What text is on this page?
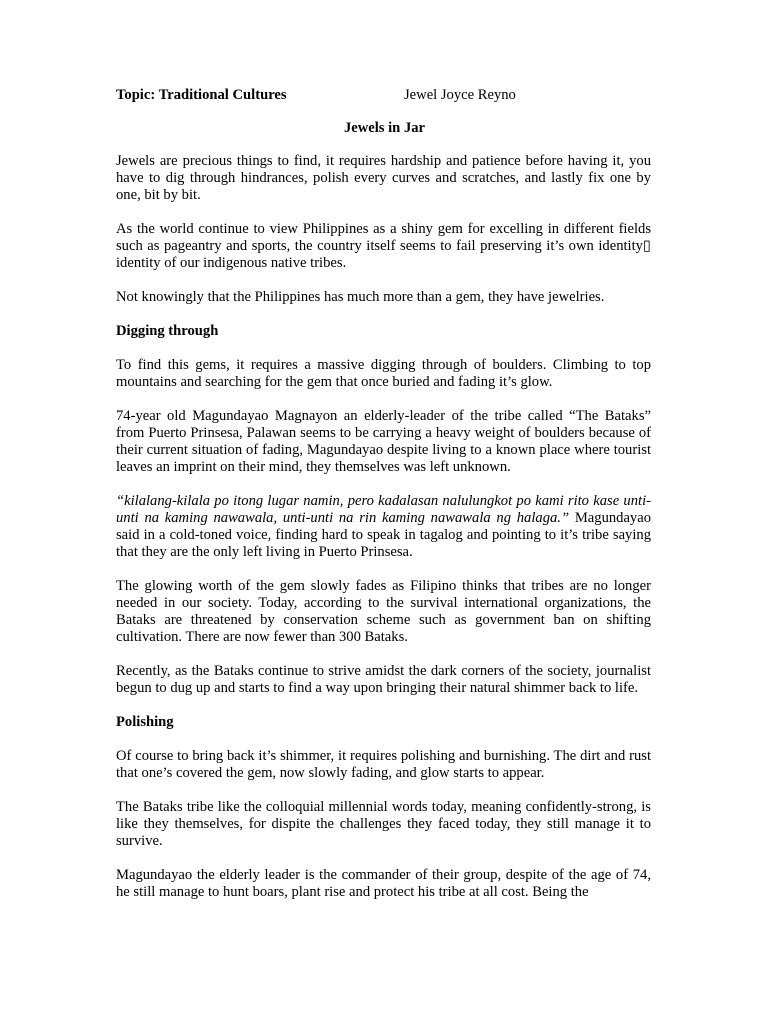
Topic: Traditional Cultures	Jewel Joyce Reyno
Jewels in Jar

Jewels are precious things to find, it requires hardship and patience before having it, you have to dig through hindrances, polish every curves and scratches, and lastly fix one by one, bit by bit.

As the world continue to view Philippines as a shiny gem for excelling in different fields such as pageantry and sports, the country itself seems to fail preserving it’s own identity▯ identity of our indigenous native tribes.

Not knowingly that the Philippines has much more than a gem, they have jewelries.

Digging through

To find this gems, it requires a massive digging through of boulders. Climbing to top mountains and searching for the gem that once buried and fading it’s glow.

74-year old Magundayao Magnayon an elderly-leader of the tribe called “The Bataks” from Puerto Prinsesa, Palawan seems to be carrying a heavy weight of boulders because of their current situation of fading, Magundayao despite living to a known place where tourist leaves an imprint on their mind, they themselves was left unknown.

“kilalang-kilala po itong lugar namin, pero kadalasan nalulungkot po kami rito kase unti-unti na kaming nawawala, unti-unti na rin kaming nawawala ng halaga.” Magundayao said in a cold-toned voice, finding hard to speak in tagalog and pointing to it’s tribe saying that they are the only left living in Puerto Prinsesa.

The glowing worth of the gem slowly fades as Filipino thinks that tribes are no longer needed in our society. Today, according to the survival international organizations, the Bataks are threatened by conservation scheme such as government ban on shifting cultivation. There are now fewer than 300 Bataks.

Recently, as the Bataks continue to strive amidst the dark corners of the society, journalist begun to dug up and starts to find a way upon bringing their natural shimmer back to life.

Polishing

Of course to bring back it’s shimmer, it requires polishing and burnishing. The dirt and rust that one’s covered the gem, now slowly fading, and glow starts to appear.

The Bataks tribe like the colloquial millennial words today, meaning confidently-strong, is like they themselves, for dispite the challenges they faced today, they still manage it to survive.

Magundayao the elderly leader is the commander of their group, despite of the age of 74, he still manage to hunt boars, plant rise and protect his tribe at all cost. Being the
